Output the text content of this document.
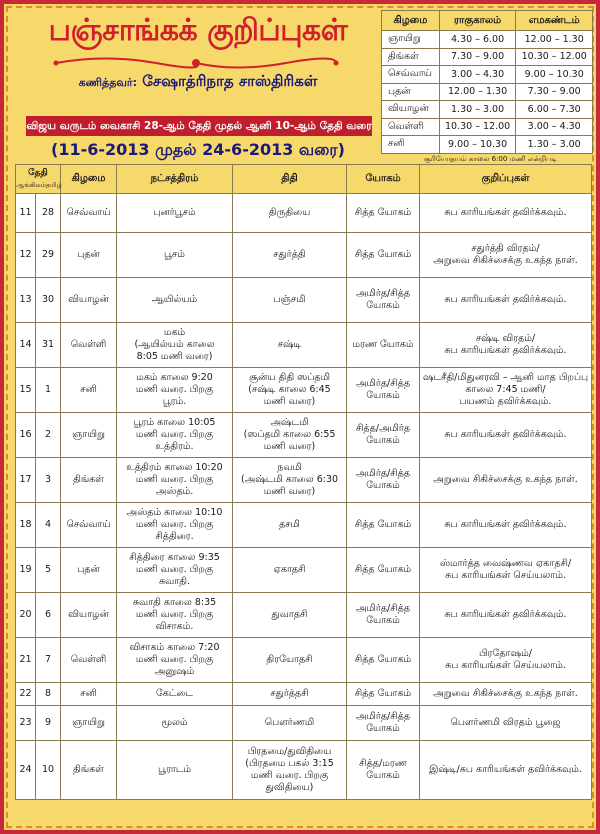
பஞ்சாங்கக் குறிப்புகள்
கணித்தவர்: சேஷாத்ரிநாத சாஸ்திரிகள்
விஜய வருடம் வைகாசி 28-ஆம் தேதி முதல் ஆனி 10-ஆம் தேதி வரை
(11-6-2013 முதல் 24-6-2013 வரை)
கிழமை	ராகுகாலம்	எமகண்டம்
ஞாயிறு	4.30 – 6.00	12.00 – 1.30
திங்கள்	7.30 – 9.00	10.30 – 12.00
செவ்வாய்	3.00 – 4.30	9.00 – 10.30
புதன்	12.00 – 1.30	7.30 – 9.00
வியாழன்	1.30 – 3.00	6.00 – 7.30
வெள்ளி	10.30 – 12.00	3.00 – 4.30
சனி	9.00 – 10.30	1.30 – 3.00
சூரியோதயம் காலை 6:00 மணி என்றிபடி
தேதி
ஆங்கிலம் தமிழ்		கிழமை	நட்சத்திரம்	திதி	யோகம்	குறிப்புகள்
11	28	செவ்வாய்	புனர்பூசம்	திருதியை	சித்த யோகம்	சுப காரியங்கள் தவிர்க்கவும்.
12	29	புதன்	பூசம்	சதுர்த்தி	சித்த யோகம்	சதுர்த்தி விரதம்/
அறுவை சிகிச்சைக்கு உகந்த நாள்.
13	30	வியாழன்	ஆயில்யம்	பஞ்சமி	அமிர்த/சித்த
யோகம்	சுப காரியங்கள் தவிர்க்கவும்.
14	31	வெள்ளி	மகம்
(ஆயில்யம் காலை
8:05 மணி வரை)	சஷ்டி	மரண யோகம்	சஷ்டி விரதம்/
சுப காரியங்கள் தவிர்க்கவும்.
15	1	சனி	மகம் காலை 9:20
மணி வரை. பிறகு
பூரம்.	சூன்ய திதி ஸப்தமி
(சஷ்டி காலை 6:45
மணி வரை)	அமிர்த/சித்த
யோகம்	ஷடசீதி/மிதுனரவி – ஆனி மாத பிறப்பு
காலை 7:45 மணி/
பயணம் தவிர்க்கவும்.
16	2	ஞாயிறு	பூரம் காலை 10:05
மணி வரை. பிறகு
உத்திரம்.	அஷ்டமி
(ஸப்தமி காலை 6:55
மணி வரை)	சித்த/அமிர்த
யோகம்	சுப காரியங்கள் தவிர்க்கவும்.
17	3	திங்கள்	உத்திரம் காலை 10:20
மணி வரை. பிறகு
அஸ்தம்.	நவமி
(அஷ்டமி காலை 6:30
மணி வரை)	அமிர்த/சித்த
யோகம்	அறுவை சிகிச்சைக்கு உகந்த நாள்.
18	4	செவ்வாய்	அஸ்தம் காலை 10:10
மணி வரை. பிறகு
சித்திரை.	தசமி	சித்த யோகம்	சுப காரியங்கள் தவிர்க்கவும்.
19	5	புதன்	சித்திரை காலை 9:35
மணி வரை. பிறகு
சுவாதி.	ஏகாதசி	சித்த யோகம்	ஸ்மார்த்த வைஷ்ணவ ஏகாதசி/
சுப காரியங்கள் செய்யலாம்.
20	6	வியாழன்	சுவாதி காலை 8:35
மணி வரை. பிறகு
விசாகம்.	துவாதசி	அமிர்த/சித்த
யோகம்	சுப காரியங்கள் தவிர்க்கவும்.
21	7	வெள்ளி	விசாகம் காலை 7:20
மணி வரை. பிறகு
அனுஷம்	திரயோதசி	சித்த யோகம்	பிரதோஷம்/
சுப காரியங்கள் செய்யலாம்.
22	8	சனி	கேட்டை	சதுர்த்தசி	சித்த யோகம்	அறுவை சிகிச்சைக்கு உகந்த நாள்.
23	9	ஞாயிறு	மூலம்	பௌர்ணமி	அமிர்த/சித்த
யோகம்	பௌர்ணமி விரதம் பூஜை
24	10	திங்கள்	பூராடம்	பிரதமை/துவிதியை
(பிரதமை பகல் 3:15
மணி வரை. பிறகு
துவிதியை)	சித்த/மரண
யோகம்	இஷ்டி/சுப காரியங்கள் தவிர்க்கவும்.
